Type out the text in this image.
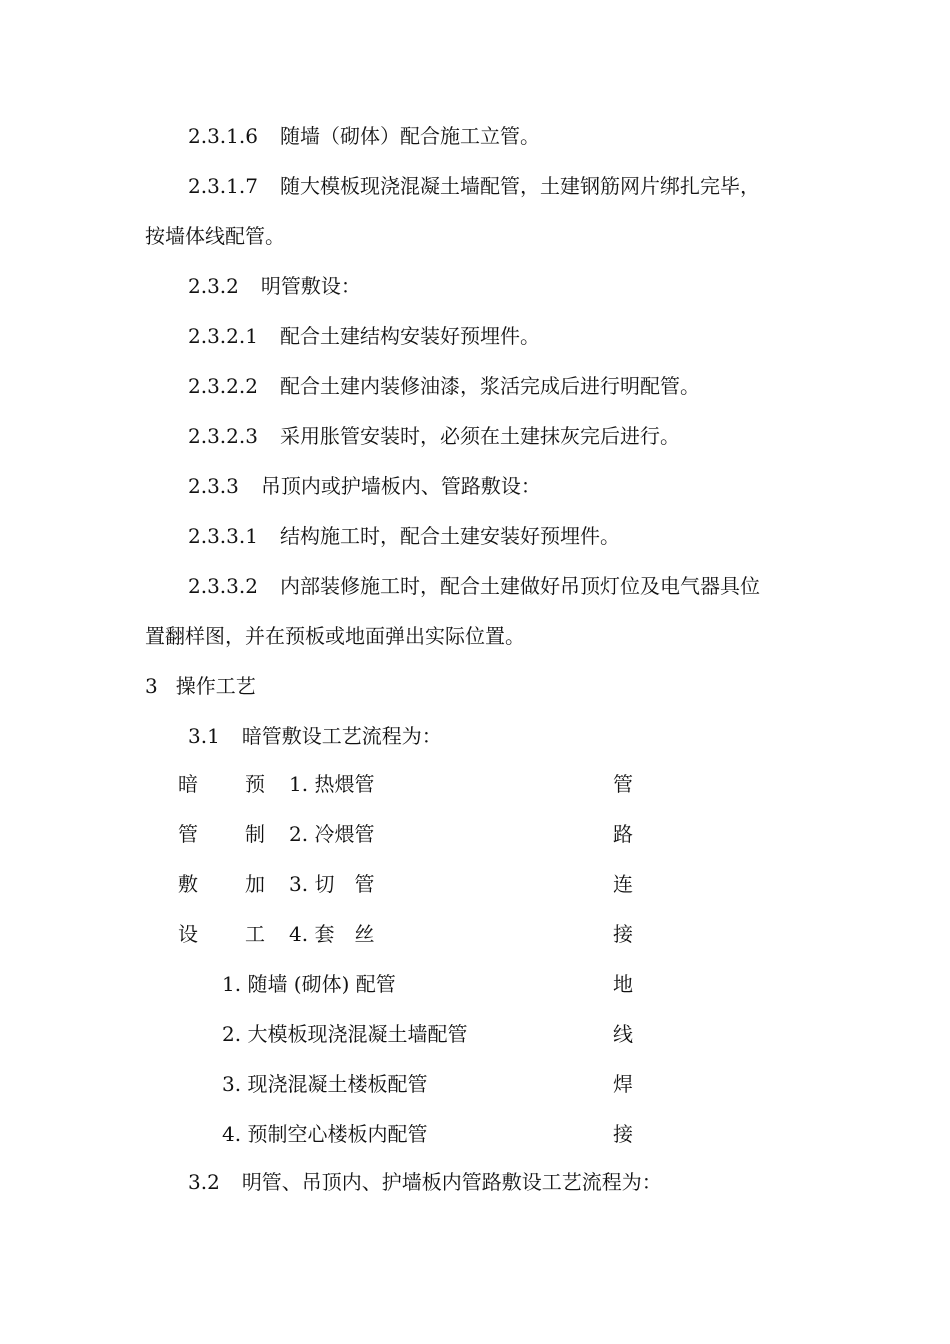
2.3.1.6 随墙（砌体）配合施工立管。
2.3.1.7 随大模板现浇混凝土墙配管，土建钢筋网片绑扎完毕，
按墙体线配管。
2.3.2 明管敷设：
2.3.2.1 配合土建结构安装好预埋件。
2.3.2.2 配合土建内装修油漆，浆活完成后进行明配管。
2.3.2.3 采用胀管安装时，必须在土建抹灰完后进行。
2.3.3 吊顶内或护墙板内、管路敷设：
2.3.3.1 结构施工时，配合土建安装好预埋件。
2.3.3.2 内部装修施工时，配合土建做好吊顶灯位及电气器具位
置翻样图，并在预板或地面弹出实际位置。
3 操作工艺
3.1 暗管敷设工艺流程为：
暗
管
敷
设
预
制
加
工
1. 热煨管
2. 冷煨管
3. 切　管
4. 套　丝
1. 随墙 (砌体) 配管
2. 大模板现浇混凝土墙配管
3. 现浇混凝土楼板配管
4. 预制空心楼板内配管
管
路
连
接
地
线
焊
接
3.2 明管、吊顶内、护墙板内管路敷设工艺流程为：
